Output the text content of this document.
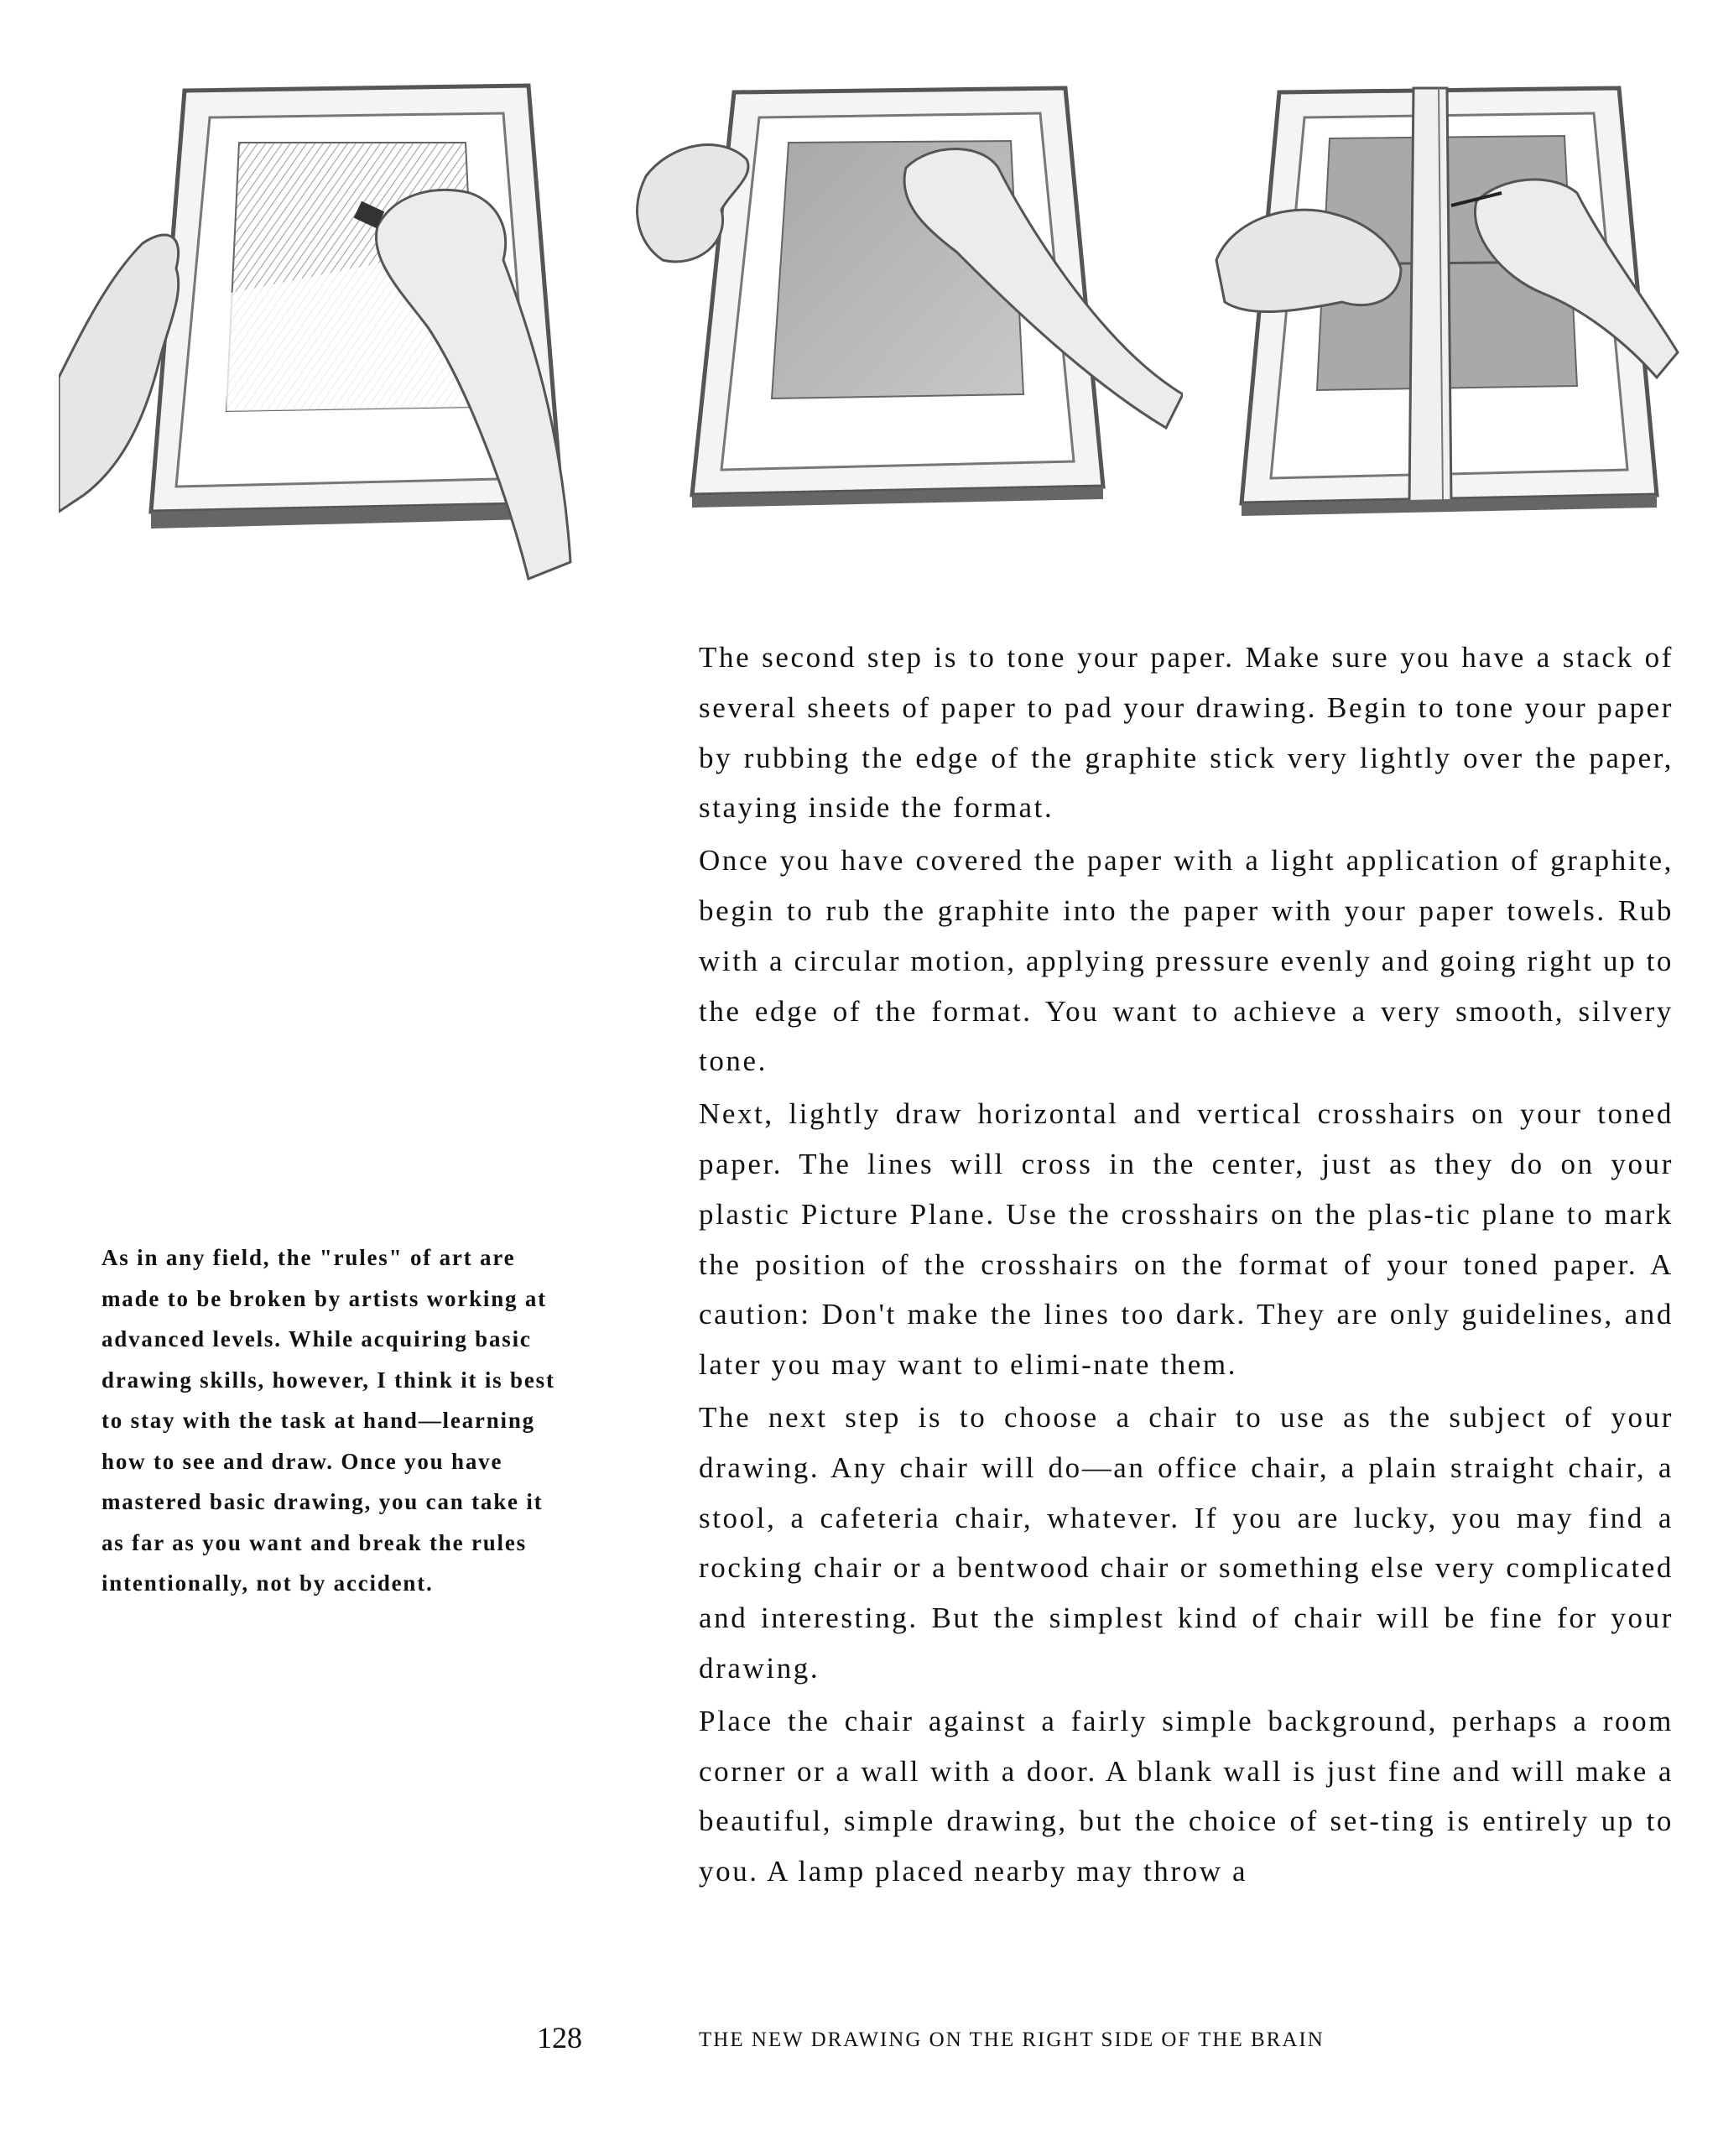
As in any field, the "rules" of art are made to be broken by artists working at advanced levels. While acquiring basic drawing skills, however, I think it is best to stay with the task at hand—learning how to see and draw. Once you have mastered basic drawing, you can take it as far as you want and break the rules intentionally, not by accident.

The second step is to tone your paper. Make sure you have a stack of several sheets of paper to pad your drawing. Begin to tone your paper by rubbing the edge of the graphite stick very lightly over the paper, staying inside the format.

Once you have covered the paper with a light application of graphite, begin to rub the graphite into the paper with your paper towels. Rub with a circular motion, applying pressure evenly and going right up to the edge of the format. You want to achieve a very smooth, silvery tone.

Next, lightly draw horizontal and vertical crosshairs on your toned paper. The lines will cross in the center, just as they do on your plastic Picture Plane. Use the crosshairs on the plas-tic plane to mark the position of the crosshairs on the format of your toned paper. A caution: Don't make the lines too dark. They are only guidelines, and later you may want to elimi-nate them.

The next step is to choose a chair to use as the subject of your drawing. Any chair will do—an office chair, a plain straight chair, a stool, a cafeteria chair, whatever. If you are lucky, you may find a rocking chair or a bentwood chair or something else very complicated and interesting. But the simplest kind of chair will be fine for your drawing.

Place the chair against a fairly simple background, perhaps a room corner or a wall with a door. A blank wall is just fine and will make a beautiful, simple drawing, but the choice of set-ting is entirely up to you. A lamp placed nearby may throw a

128	THE NEW DRAWING ON THE RIGHT SIDE OF THE BRAIN
